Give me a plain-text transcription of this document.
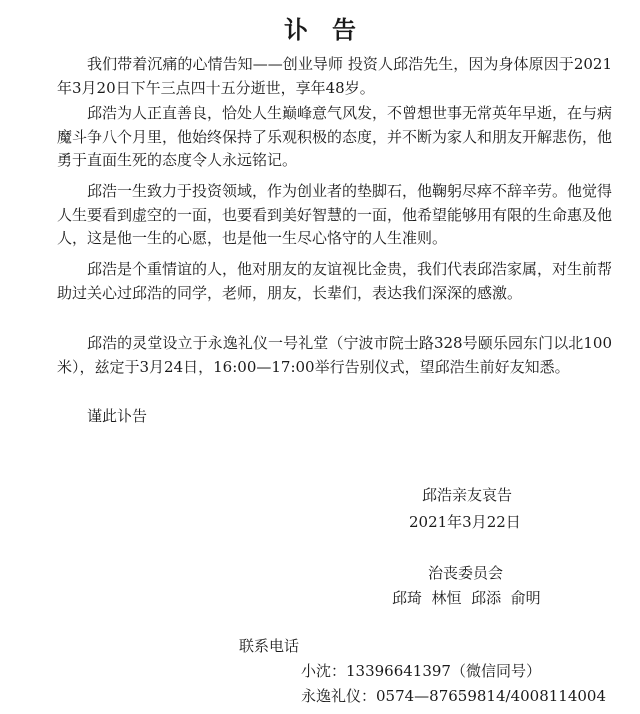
讣告

我们带着沉痛的心情告知——创业导师 投资人邱浩先生，因为身体原因于2021年3月20日下午三点四十五分逝世，享年48岁。

邱浩为人正直善良，恰处人生巅峰意气风发，不曾想世事无常英年早逝，在与病魔斗争八个月里，他始终保持了乐观积极的态度，并不断为家人和朋友开解悲伤，他勇于直面生死的态度令人永远铭记。

邱浩一生致力于投资领域，作为创业者的垫脚石，他鞠躬尽瘁不辞辛劳。他觉得人生要看到虚空的一面，也要看到美好智慧的一面，他希望能够用有限的生命惠及他人，这是他一生的心愿，也是他一生尽心恪守的人生准则。

邱浩是个重情谊的人，他对朋友的友谊视比金贵，我们代表邱浩家属，对生前帮助过关心过邱浩的同学，老师，朋友，长辈们，表达我们深深的感激。

邱浩的灵堂设立于永逸礼仪一号礼堂（宁波市院士路328号颐乐园东门以北100米），兹定于3月24日，16:00—17:00举行告别仪式，望邱浩生前好友知悉。

谨此讣告
邱浩亲友哀告
2021年3月22日
治丧委员会
邱琦  林恒  邱添  俞明
联系电话
小沈：13396641397（微信同号）
永逸礼仪：0574—87659814/4008114004
